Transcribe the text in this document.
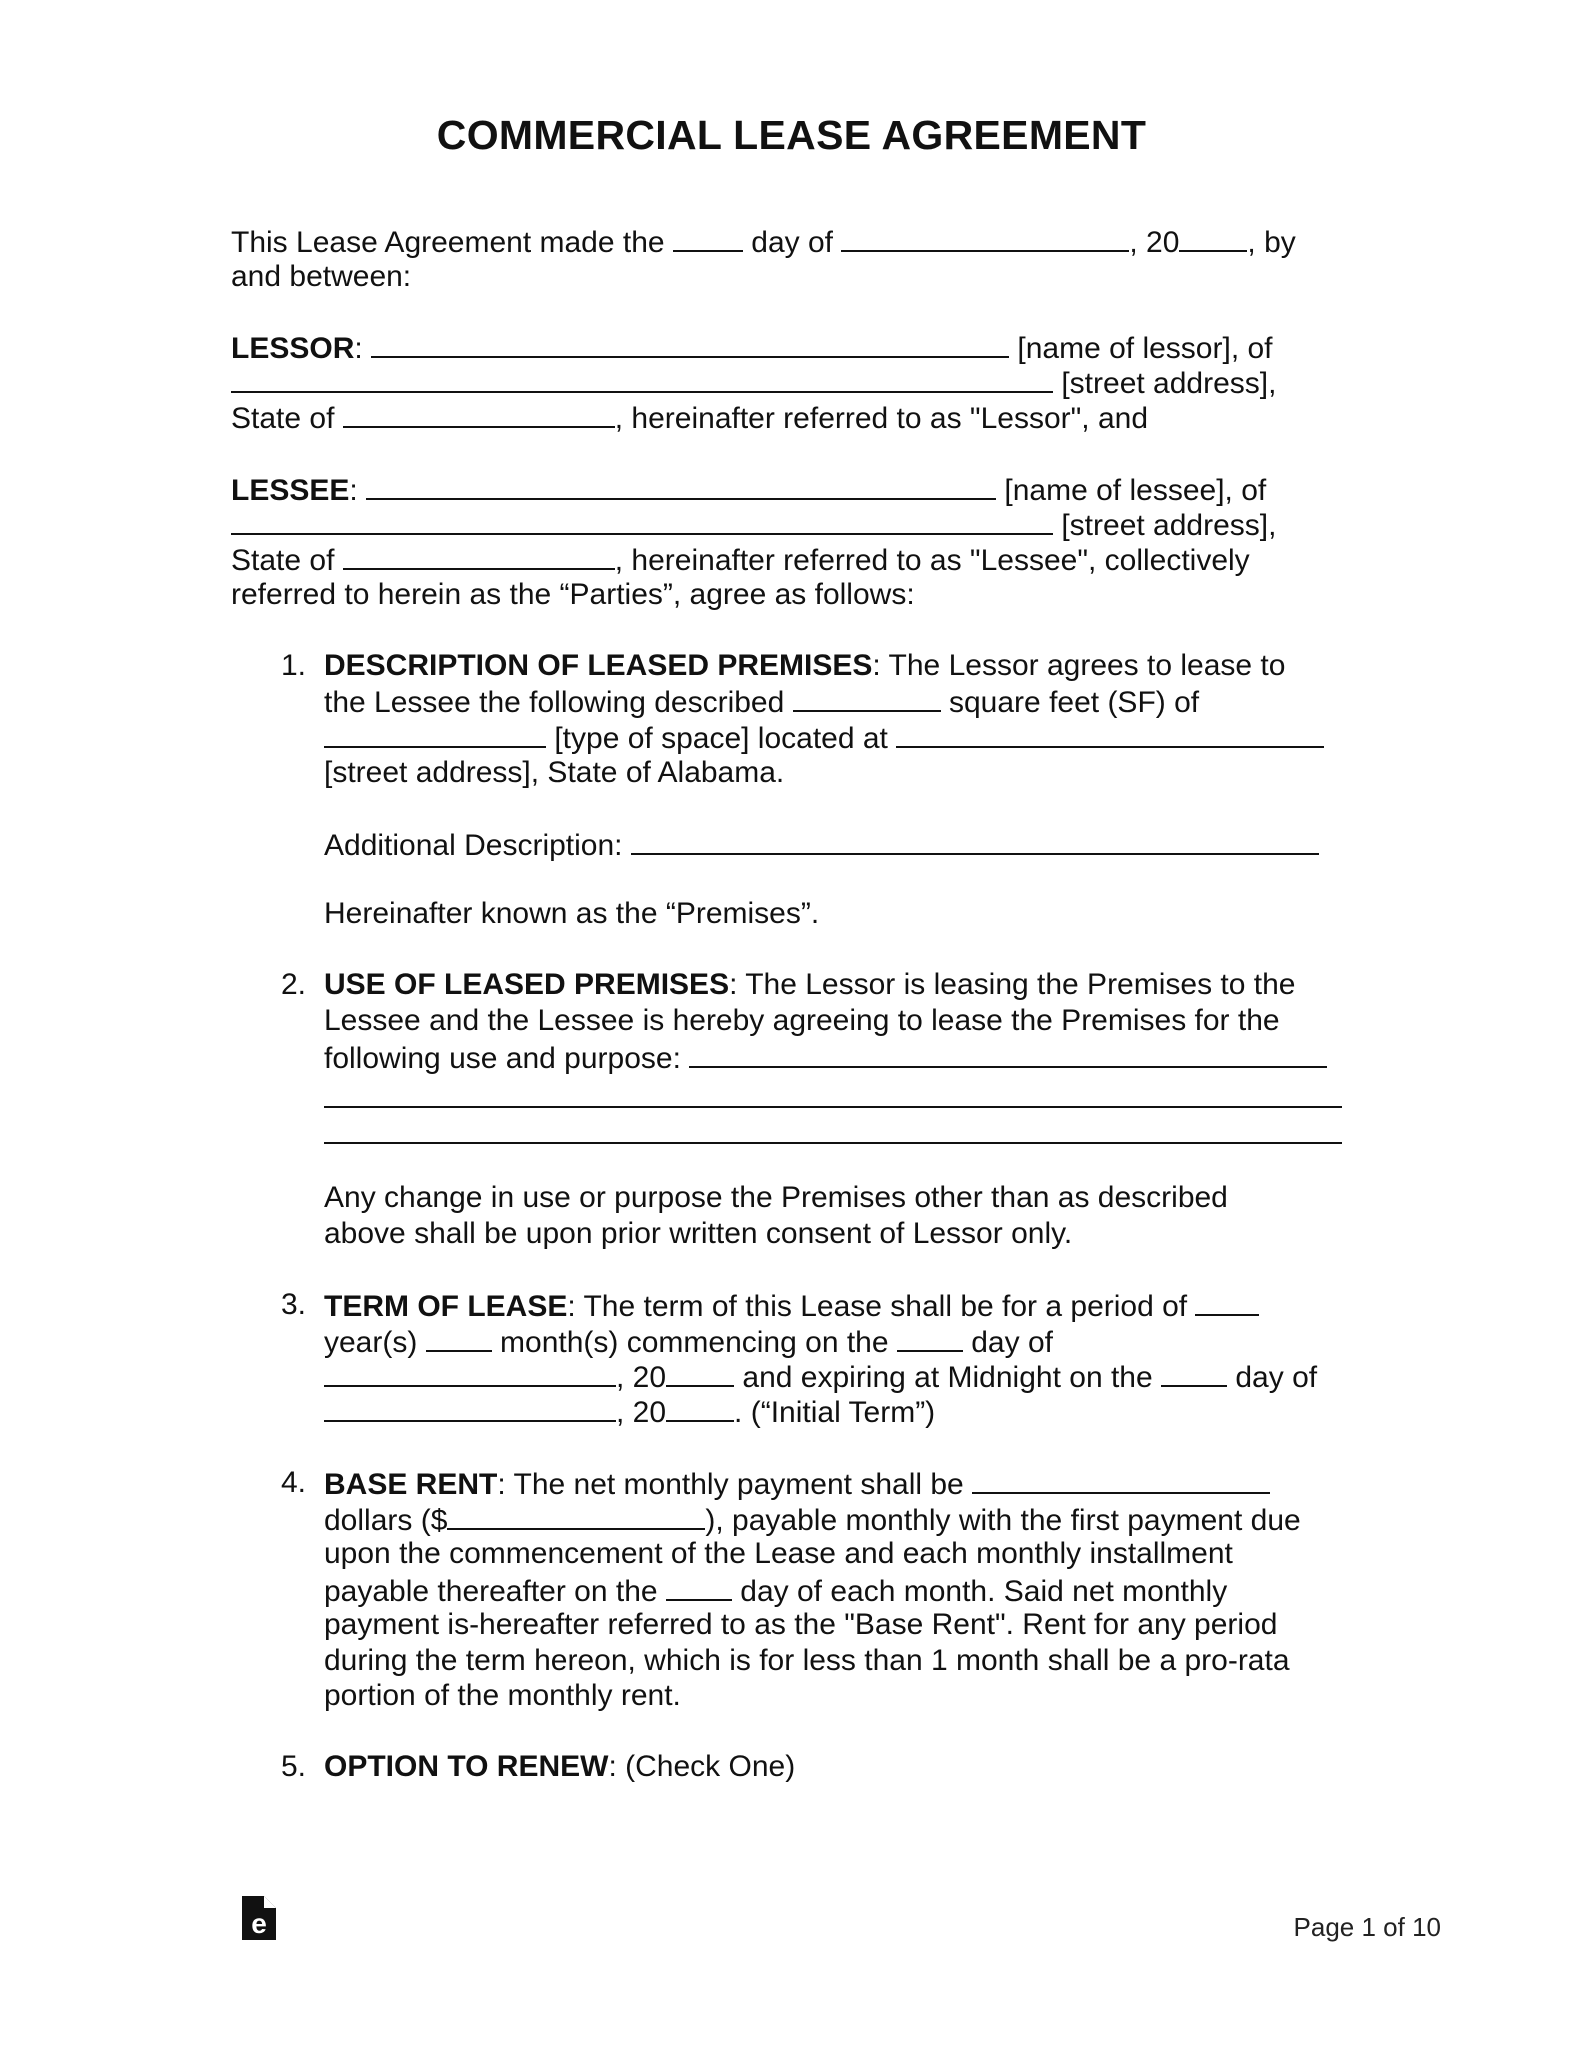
COMMERCIAL LEASE AGREEMENT
This Lease Agreement made the	day of	, 20 , by
and between:
LESSOR:	[name of lessor], of
[street address],
State of	, hereinafter referred to as "Lessor", and
LESSEE:	[name of lessee], of
[street address],
State of	, hereinafter referred to as "Lessee", collectively
referred to herein as the “Parties”, agree as follows:
1. DESCRIPTION OF LEASED PREMISES: The Lessor agrees to lease to
the Lessee the following described	square feet (SF) of
[type of space] located at
[street address], State of Alabama.
Additional Description:
Hereinafter known as the “Premises”.
2. USE OF LEASED PREMISES: The Lessor is leasing the Premises to the
Lessee and the Lessee is hereby agreeing to lease the Premises for the
following use and purpose:
Any change in use or purpose the Premises other than as described
above shall be upon prior written consent of Lessor only.
3. TERM OF LEASE: The term of this Lease shall be for a period of
year(s)	month(s) commencing on the	day of
, 20	and expiring at Midnight on the	day of
, 20 . (“Initial Term”)
4. BASE RENT: The net monthly payment shall be
dollars ($	), payable monthly with the first payment due
upon the commencement of the Lease and each monthly installment
payable thereafter on the	day of each month. Said net monthly
payment is-hereafter referred to as the "Base Rent". Rent for any period
during the term hereon, which is for less than 1 month shall be a pro-rata
portion of the monthly rent.
5. OPTION TO RENEW: (Check One)
e	Page 1 of 10
